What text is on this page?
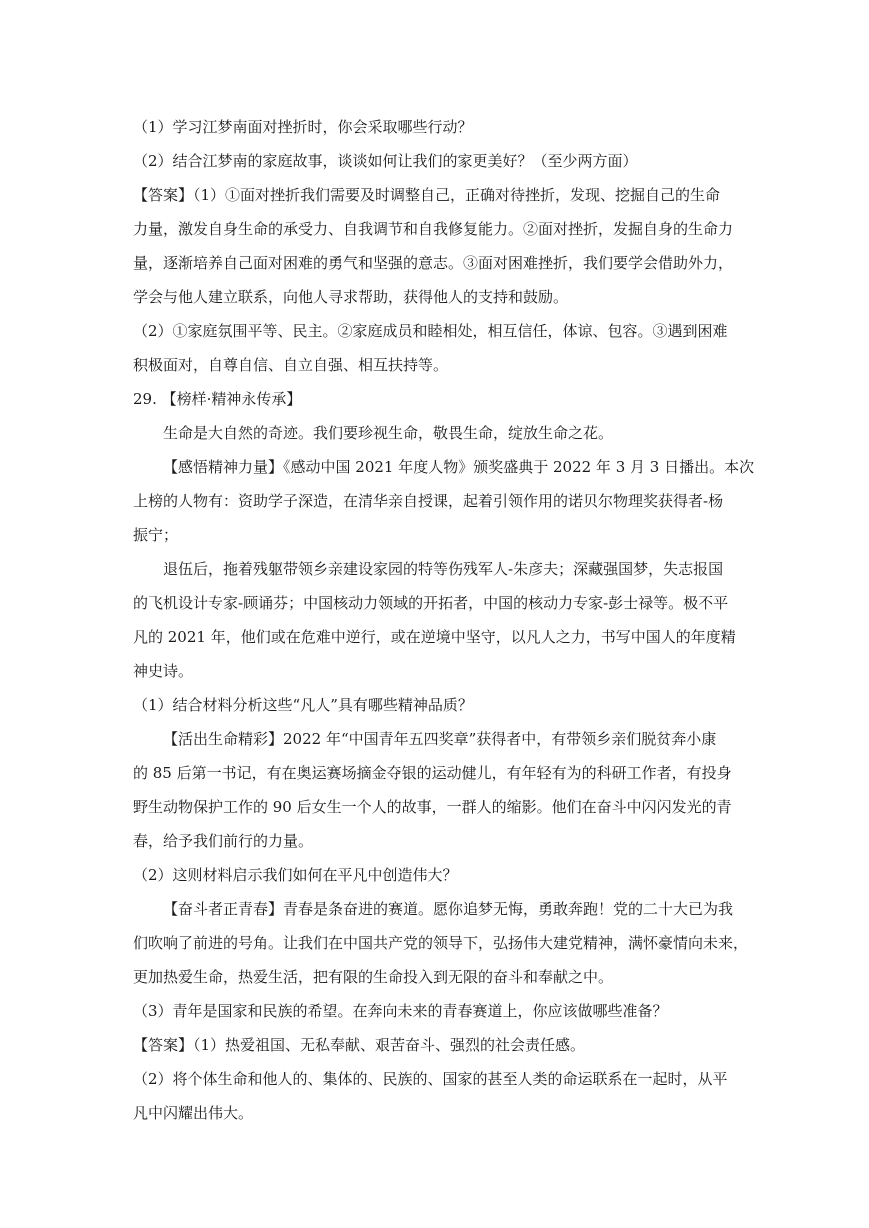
（1）学习江梦南面对挫折时，你会采取哪些行动？
（2）结合江梦南的家庭故事，谈谈如何让我们的家更美好？（至少两方面）
【答案】（1）①面对挫折我们需要及时调整自己，正确对待挫折，发现、挖掘自己的生命
力量，激发自身生命的承受力、自我调节和自我修复能力。②面对挫折，发掘自身的生命力
量，逐渐培养自己面对困难的勇气和坚强的意志。③面对困难挫折，我们要学会借助外力，
学会与他人建立联系，向他人寻求帮助，获得他人的支持和鼓励。
（2）①家庭氛围平等、民主。②家庭成员和睦相处，相互信任，体谅、包容。③遇到困难
积极面对，自尊自信、自立自强、相互扶持等。
29. 【榜样·精神永传承】
生命是大自然的奇迹。我们要珍视生命，敬畏生命，绽放生命之花。
【感悟精神力量】《感动中国 2021 年度人物》颁奖盛典于 2022 年 3 月 3 日播出。本次
上榜的人物有：资助学子深造，在清华亲自授课，起着引领作用的诺贝尔物理奖获得者-杨
振宁；
退伍后，拖着残躯带领乡亲建设家园的特等伤残军人-朱彦夫；深藏强国梦，失志报国
的飞机设计专家-顾诵芬；中国核动力领域的开拓者，中国的核动力专家-彭士禄等。极不平
凡的 2021 年，他们或在危难中逆行，或在逆境中坚守，以凡人之力，书写中国人的年度精
神史诗。
（1）结合材料分析这些“凡人”具有哪些精神品质？
【活出生命精彩】2022 年“中国青年五四奖章”获得者中，有带领乡亲们脱贫奔小康
的 85 后第一书记，有在奥运赛场摘金夺银的运动健儿，有年轻有为的科研工作者，有投身
野生动物保护工作的 90 后女生一个人的故事，一群人的缩影。他们在奋斗中闪闪发光的青
春，给予我们前行的力量。
（2）这则材料启示我们如何在平凡中创造伟大？
【奋斗者正青春】青春是条奋进的赛道。愿你追梦无悔，勇敢奔跑！党的二十大已为我
们吹响了前进的号角。让我们在中国共产党的领导下，弘扬伟大建党精神，满怀豪情向未来，
更加热爱生命，热爱生活，把有限的生命投入到无限的奋斗和奉献之中。
（3）青年是国家和民族的希望。在奔向未来的青春赛道上，你应该做哪些准备？
【答案】（1）热爱祖国、无私奉献、艰苦奋斗、强烈的社会责任感。
（2）将个体生命和他人的、集体的、民族的、国家的甚至人类的命运联系在一起时，从平
凡中闪耀出伟大。
